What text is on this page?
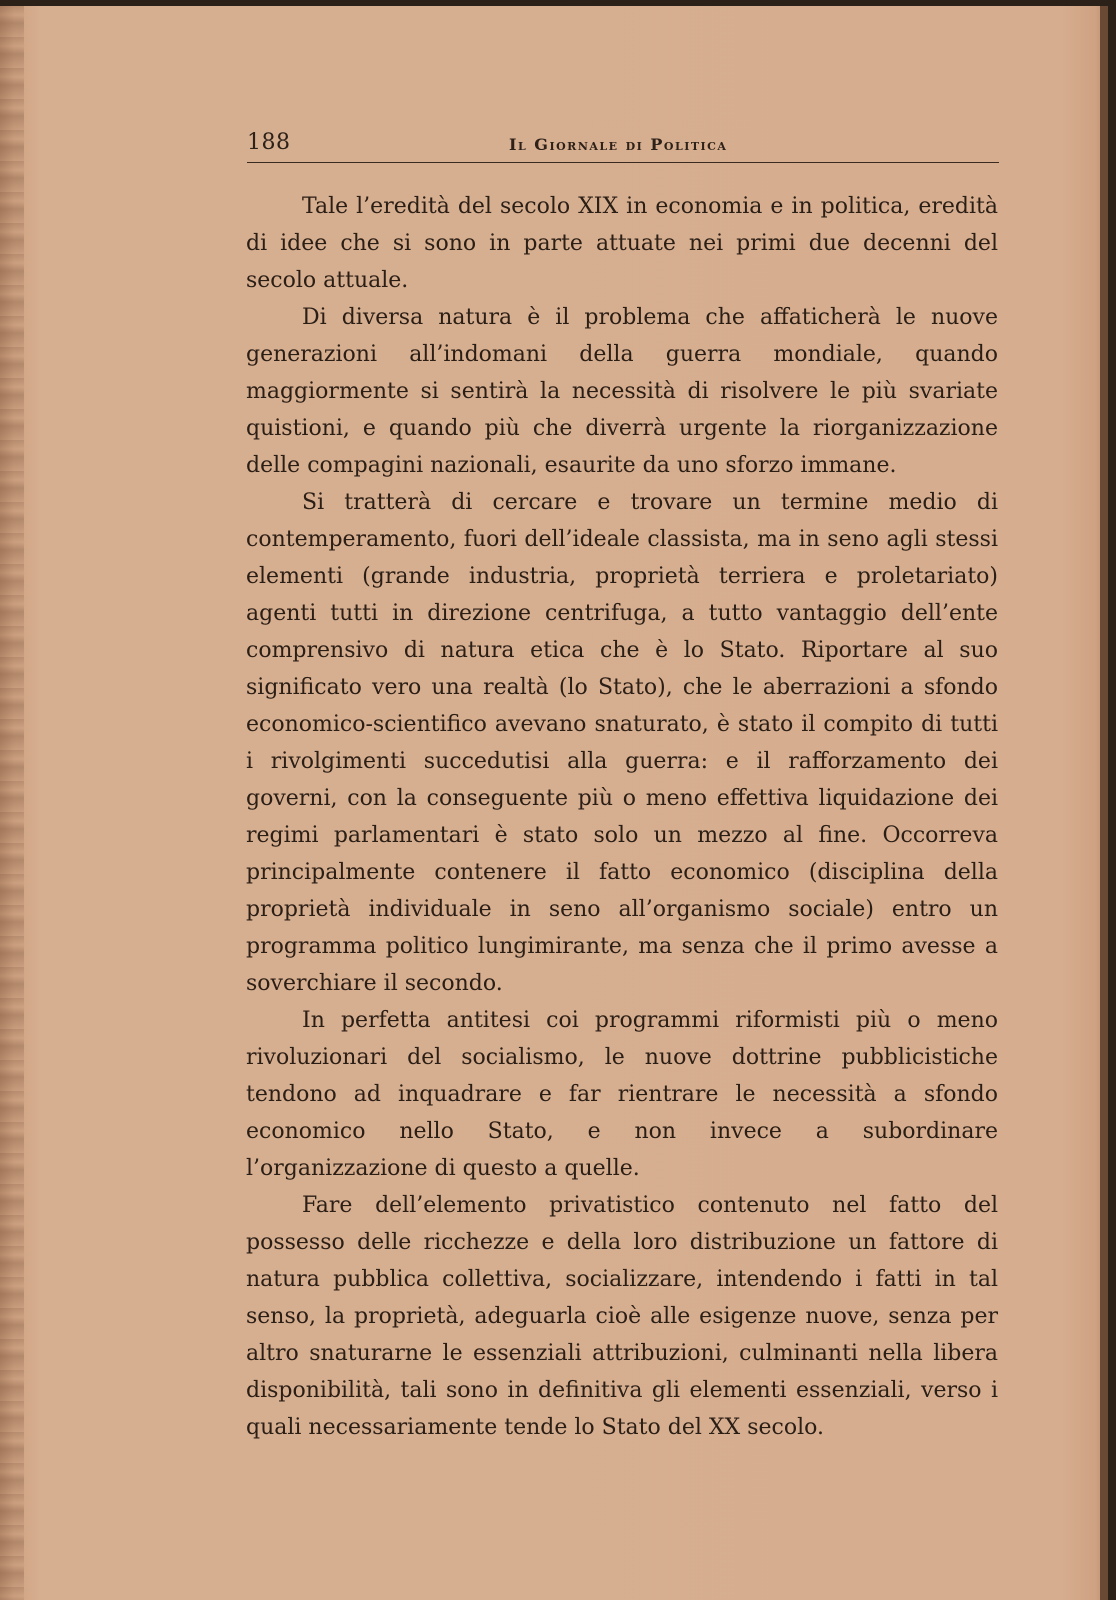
188	Il Giornale di Politica

Tale l’eredità del secolo XIX in economia e in politica, eredità di idee che si sono in parte attuate nei primi due decenni del secolo attuale.

Di diversa natura è il problema che affaticherà le nuove generazioni all’indomani della guerra mondiale, quando maggiormente si sentirà la necessità di risolvere le più svariate quistioni, e quando più che diverrà urgente la riorganizzazione delle compagini nazionali, esaurite da uno sforzo immane.

Si tratterà di cercare e trovare un termine medio di contemperamento, fuori dell’ideale classista, ma in seno agli stessi elementi (grande industria, proprietà terriera e proletariato) agenti tutti in direzione centrifuga, a tutto vantaggio dell’ente comprensivo di natura etica che è lo Stato. Riportare al suo significato vero una realtà (lo Stato), che le aberrazioni a sfondo economico-scientifico avevano snaturato, è stato il compito di tutti i rivolgimenti succedutisi alla guerra: e il rafforzamento dei governi, con la conseguente più o meno effettiva liquidazione dei regimi parlamentari è stato solo un mezzo al fine. Occorreva principalmente contenere il fatto economico (disciplina della proprietà individuale in seno all’organismo sociale) entro un programma politico lungimirante, ma senza che il primo avesse a soverchiare il secondo.

In perfetta antitesi coi programmi riformisti più o meno rivoluzionari del socialismo, le nuove dottrine pubblicistiche tendono ad inquadrare e far rientrare le necessità a sfondo economico nello Stato, e non invece a subordinare l’organizzazione di questo a quelle.

Fare dell’elemento privatistico contenuto nel fatto del possesso delle ricchezze e della loro distribuzione un fattore di natura pubblica collettiva, socializzare, intendendo i fatti in tal senso, la proprietà, adeguarla cioè alle esigenze nuove, senza per altro snaturarne le essenziali attribuzioni, culminanti nella libera disponibilità, tali sono in definitiva gli elementi essenziali, verso i quali necessariamente tende lo Stato del XX secolo.
